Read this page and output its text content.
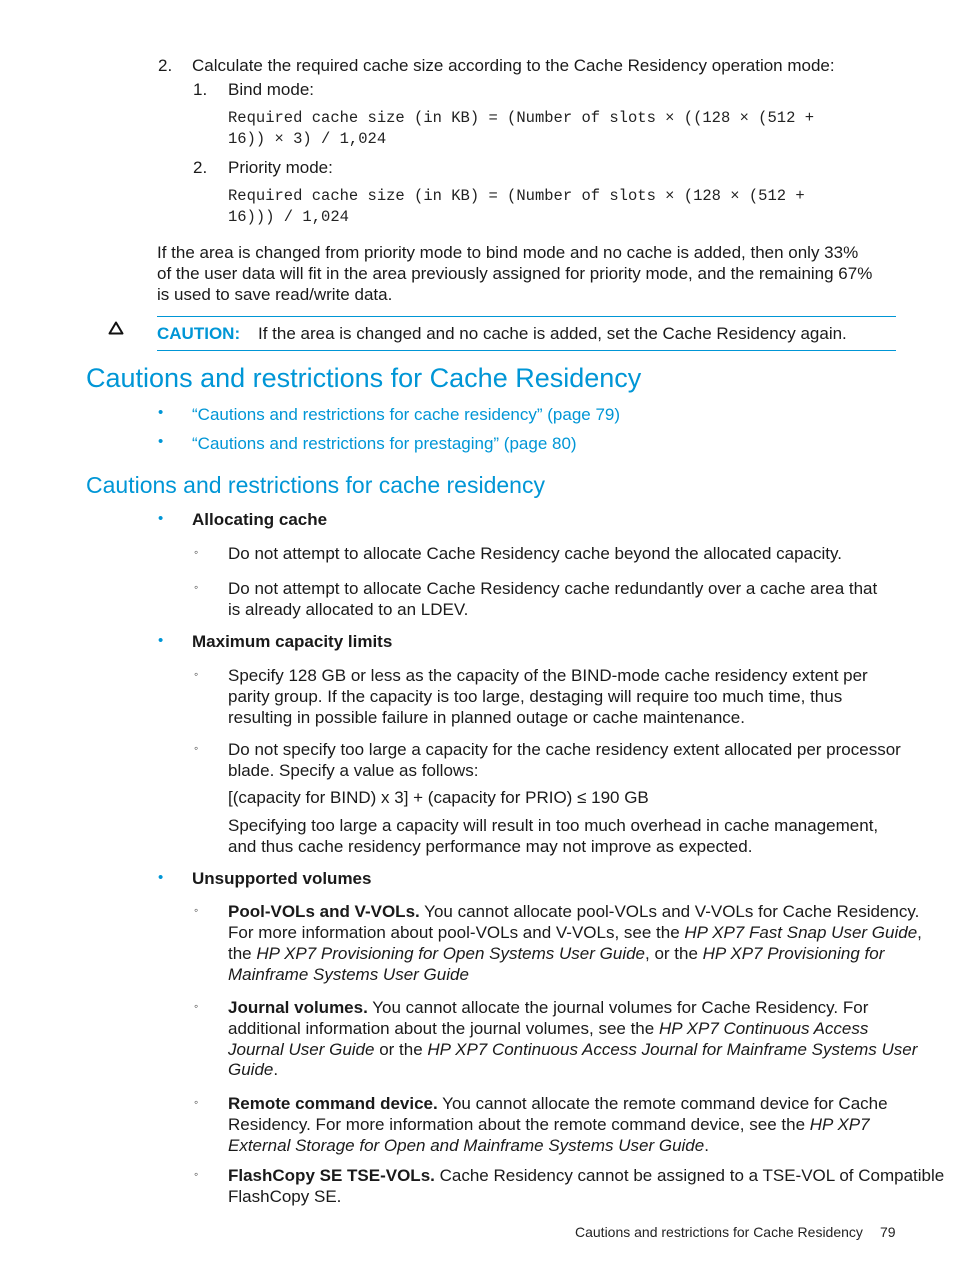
2. Calculate the required cache size according to the Cache Residency operation mode:
1. Bind mode:
Required cache size (in KB) = (Number of slots × ((128 × (512 +
16)) × 3) / 1,024
2. Priority mode:
Required cache size (in KB) = (Number of slots × (128 × (512 +
16))) / 1,024
If the area is changed from priority mode to bind mode and no cache is added, then only 33%
of the user data will fit in the area previously assigned for priority mode, and the remaining 67%
is used to save read/write data.
CAUTION: If the area is changed and no cache is added, set the Cache Residency again.
Cautions and restrictions for Cache Residency
• “Cautions and restrictions for cache residency” (page 79)
• “Cautions and restrictions for prestaging” (page 80)
Cautions and restrictions for cache residency
• Allocating cache
◦ Do not attempt to allocate Cache Residency cache beyond the allocated capacity.
◦ Do not attempt to allocate Cache Residency cache redundantly over a cache area that
is already allocated to an LDEV.
• Maximum capacity limits
◦ Specify 128 GB or less as the capacity of the BIND-mode cache residency extent per
parity group. If the capacity is too large, destaging will require too much time, thus
resulting in possible failure in planned outage or cache maintenance.
◦ Do not specify too large a capacity for the cache residency extent allocated per processor
blade. Specify a value as follows:
[(capacity for BIND) x 3] + (capacity for PRIO) ≤ 190 GB
Specifying too large a capacity will result in too much overhead in cache management,
and thus cache residency performance may not improve as expected.
• Unsupported volumes
◦ Pool-VOLs and V-VOLs. You cannot allocate pool-VOLs and V-VOLs for Cache Residency.
For more information about pool-VOLs and V-VOLs, see the HP XP7 Fast Snap User Guide,
the HP XP7 Provisioning for Open Systems User Guide, or the HP XP7 Provisioning for
Mainframe Systems User Guide
◦ Journal volumes. You cannot allocate the journal volumes for Cache Residency. For
additional information about the journal volumes, see the HP XP7 Continuous Access
Journal User Guide or the HP XP7 Continuous Access Journal for Mainframe Systems User
Guide.
◦ Remote command device. You cannot allocate the remote command device for Cache
Residency. For more information about the remote command device, see the HP XP7
External Storage for Open and Mainframe Systems User Guide.
◦ FlashCopy SE TSE-VOLs. Cache Residency cannot be assigned to a TSE-VOL of Compatible
FlashCopy SE.
Cautions and restrictions for Cache Residency 79
